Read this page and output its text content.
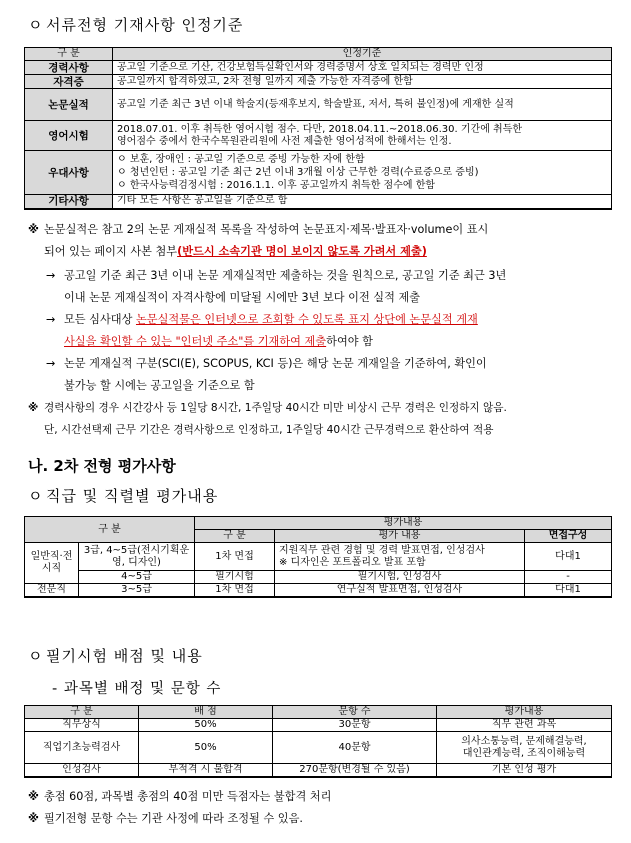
ㅇ 서류전형 기재사항 인정기준
구 분	인정기준
경력사항	공고일 기준으로 기산, 건강보험득실확인서와 경력증명서 상호 일치되는 경력만 인정
자격증	공고일까지 합격하였고, 2차 전형 일까지 제출 가능한 자격증에 한함
논문실적	공고일 기준 최근 3년 이내 학술지(등재후보지, 학술발표, 저서, 특허 불인정)에 게재한 실적
영어시험	2018.07.01. 이후 취득한 영어시험 점수. 다만, 2018.04.11.~2018.06.30. 기간에 취득한
영어점수 중에서 한국수목원관리원에 사전 제출한 영어성적에 한해서는 인정.

우대사항	ㅇ 보훈, 장애인 : 공고일 기준으로 증빙 가능한 자에 한함
ㅇ 청년인턴 : 공고일 기준 최근 2년 이내 3개월 이상 근무한 경력(수료증으로 증빙)
ㅇ 한국사능력검정시험 : 2016.1.1. 이후 공고일까지 취득한 점수에 한함

기타사항	기타 모든 사항은 공고일을 기준으로 함
※ 논문실적은 참고 2의 논문 게재실적 목록을 작성하여 논문표지·제목·발표자·volume이 표시
되어 있는 페이지 사본 첨부(반드시 소속기관 명이 보이지 않도록 가려서 제출)
→ 공고일 기준 최근 3년 이내 논문 게재실적만 제출하는 것을 원칙으로, 공고일 기준 최근 3년
이내 논문 게재실적이 자격사항에 미달될 시에만 3년 보다 이전 실적 제출
→ 모든 심사대상 논문실적물은 인터넷으로 조회할 수 있도록 표지 상단에 논문실적 게재
사실을 확인할 수 있는 "인터넷 주소"를 기재하여 제출하여야 함
→ 논문 게재실적 구분(SCI(E), SCOPUS, KCI 등)은 해당 논문 게재일을 기준하여, 확인이
불가능 할 시에는 공고일을 기준으로 함
※ 경력사항의 경우 시간강사 등 1일당 8시간, 1주일당 40시간 미만 비상시 근무 경력은 인정하지 않음.
단, 시간선택제 근무 기간은 경력사항으로 인정하고, 1주일당 40시간 근무경력으로 환산하여 적용
나. 2차 전형 평가사항
ㅇ 직급 및 직렬별 평가내용
구 분		평가내용		
		구 분	평가 내용	면접구성
일반직·전시직	3급, 4~5급(전시기획운영, 디자인)	1차 면접	지원직무 관련 경험 및 경력 발표면접, 인성검사
※ 디자인은 포트폴리오 발표 포함	다대1
	4~5급	필기시험	필기시험, 인성검사	-
전문직	3~5급	1차 면접	연구실적 발표면접, 인성검사	다대1
ㅇ 필기시험 배점 및 내용
- 과목별 배정 및 문항 수
구 분	배 점	문항 수	평가내용
직무상식	50%	30문항	직무 관련 과목
직업기초능력검사	50%	40문항	의사소통능력, 문제해결능력,
대인관계능력, 조직이해능력

인성검사	부적격 시 불합격	270문항(변경될 수 있음)	기본 인성 평가
※ 총점 60점, 과목별 총점의 40점 미만 득점자는 불합격 처리
※ 필기전형 문항 수는 기관 사정에 따라 조정될 수 있음.
